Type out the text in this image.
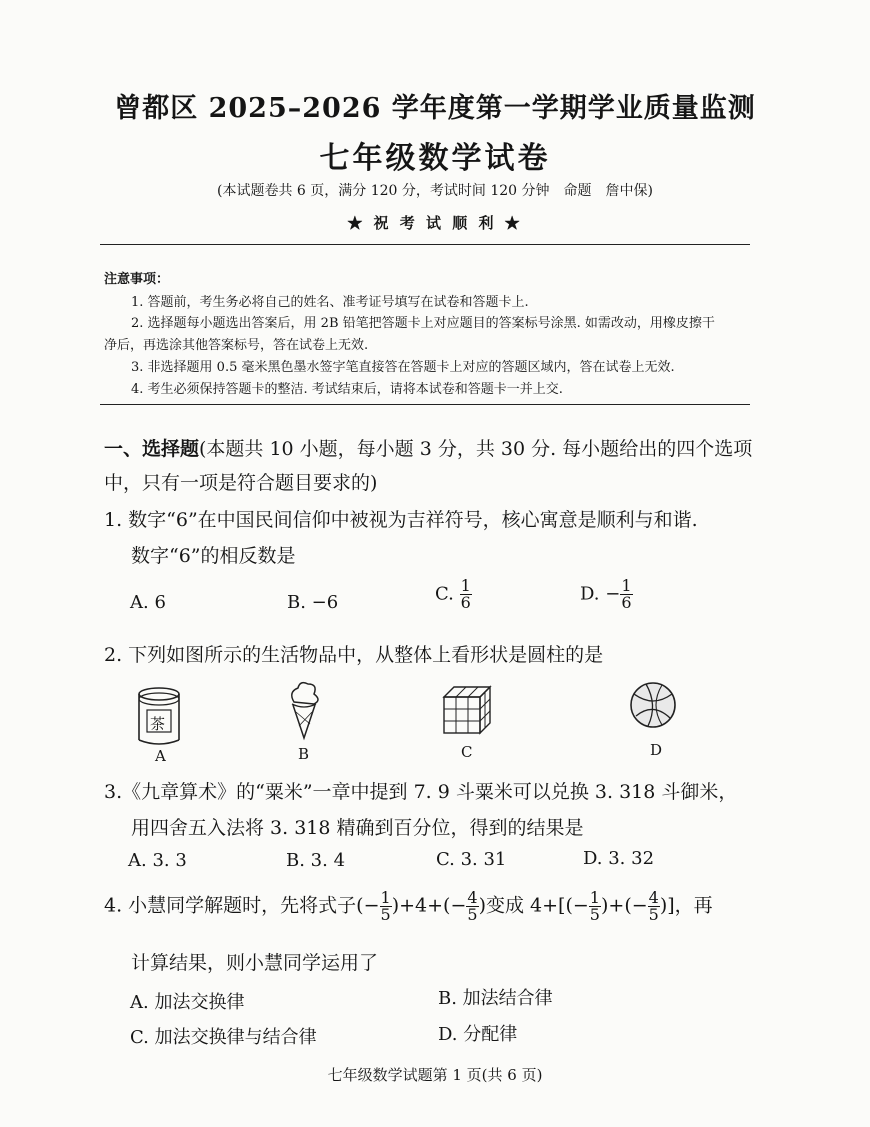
曾都区 2025–2026 学年度第一学期学业质量监测
七年级数学试卷
(本试题卷共 6 页，满分 120 分，考试时间 120 分钟　命题　詹中保)
★ 祝 考 试 顺 利 ★
注意事项：
1. 答题前，考生务必将自己的姓名、准考证号填写在试卷和答题卡上.
2. 选择题每小题选出答案后，用 2B 铅笔把答题卡上对应题目的答案标号涂黑. 如需改动，用橡皮擦干
净后，再选涂其他答案标号，答在试卷上无效.
3. 非选择题用 0.5 毫米黑色墨水签字笔直接答在答题卡上对应的答题区域内，答在试卷上无效.
4. 考生必须保持答题卡的整洁. 考试结束后，请将本试卷和答题卡一并上交.
一、选择题(本题共 10 小题，每小题 3 分，共 30 分. 每小题给出的四个选项
中，只有一项是符合题目要求的)
1. 数字“6”在中国民间信仰中被视为吉祥符号，核心寓意是顺利与和谐.
数字“6”的相反数是
A. 6	B. −6	C. $\frac{1}{6}$	D. − $\frac{1}{6}$
2. 下列如图所示的生活物品中，从整体上看形状是圆柱的是
茶
A	B	C	D
3.《九章算术》的“粟米”一章中提到 7. 9 斗粟米可以兑换 3. 318 斗御米，
用四舍五入法将 3. 318 精确到百分位，得到的结果是
A. 3. 3	B. 3. 4	C. 3. 31	D. 3. 32
4. 小慧同学解题时，先将式子(− $\frac{1}{5} )+4+(- \frac{4}{5}$ )变成 $4+[(- \frac{1}{5}$ )+(− $\frac{4}{5}$ )]，再
计算结果，则小慧同学运用了
A. 加法交换律	B. 加法结合律
C. 加法交换律与结合律	D. 分配律
七年级数学试题第 1 页(共 6 页)
